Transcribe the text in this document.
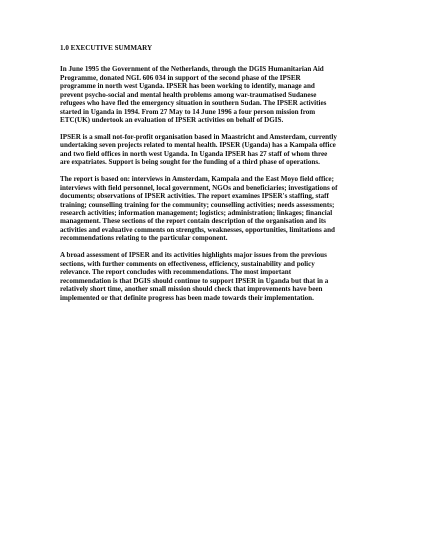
1.0 EXECUTIVE SUMMARY
In June 1995 the Government of the Netherlands, through the DGIS Humanitarian Aid
Programme, donated NGL 606 034 in support of the second phase of the IPSER
programme in north west Uganda. IPSER has been working to identify, manage and
prevent psycho-social and mental health problems among war-traumatised Sudanese
refugees who have fled the emergency situation in southern Sudan. The IPSER activities
started in Uganda in 1994. From 27 May to 14 June 1996 a four person mission from
ETC(UK) undertook an evaluation of IPSER activities on behalf of DGIS.
IPSER is a small not-for-profit organisation based in Maastricht and Amsterdam, currently
undertaking seven projects related to mental health. IPSER (Uganda) has a Kampala office
and two field offices in north west Uganda. In Uganda IPSER has 27 staff of whom three
are expatriates. Support is being sought for the funding of a third phase of operations.
The report is based on: interviews in Amsterdam, Kampala and the East Moyo field office;
interviews with field personnel, local government, NGOs and beneficiaries; investigations of
documents; observations of IPSER activities. The report examines IPSER's staffing, staff
training; counselling training for the community; counselling activities; needs assessments;
research activities; information management; logistics; administration; linkages; financial
management. These sections of the report contain description of the organisation and its
activities and evaluative comments on strengths, weaknesses, opportunities, limitations and
recommendations relating to the particular component.
A broad assessment of IPSER and its activities highlights major issues from the previous
sections, with further comments on effectiveness, efficiency, sustainability and policy
relevance. The report concludes with recommendations. The most important
recommendation is that DGIS should continue to support IPSER in Uganda but that in a
relatively short time, another small mission should check that improvements have been
implemented or that definite progress has been made towards their implementation.
